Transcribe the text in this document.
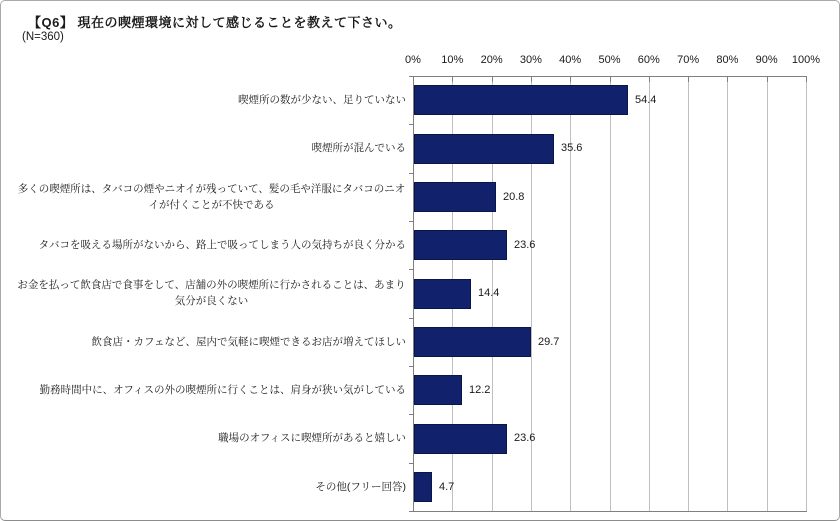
【Q6】 現在の喫煙環境に対して感じることを教えて下さい。
(N=360)
0%	10%	20%	30%	40%	50%	60%	70%	80%	90%	100%
54.4
喫煙所の数が少ない、足りていない
35.6
喫煙所が混んでいる
20.8
多くの喫煙所は、タバコの煙やニオイが残っていて、髪の毛や洋服にタバコのニオイが付くことが不快である
23.6
タバコを吸える場所がないから、路上で吸ってしまう人の気持ちが良く分かる
14.4
お金を払って飲食店で食事をして、店舗の外の喫煙所に行かされることは、あまり気分が良くない
29.7
飲食店・カフェなど、屋内で気軽に喫煙できるお店が増えてほしい
12.2
勤務時間中に、オフィスの外の喫煙所に行くことは、肩身が狭い気がしている
23.6
職場のオフィスに喫煙所があると嬉しい
4.7
その他(フリー回答)
